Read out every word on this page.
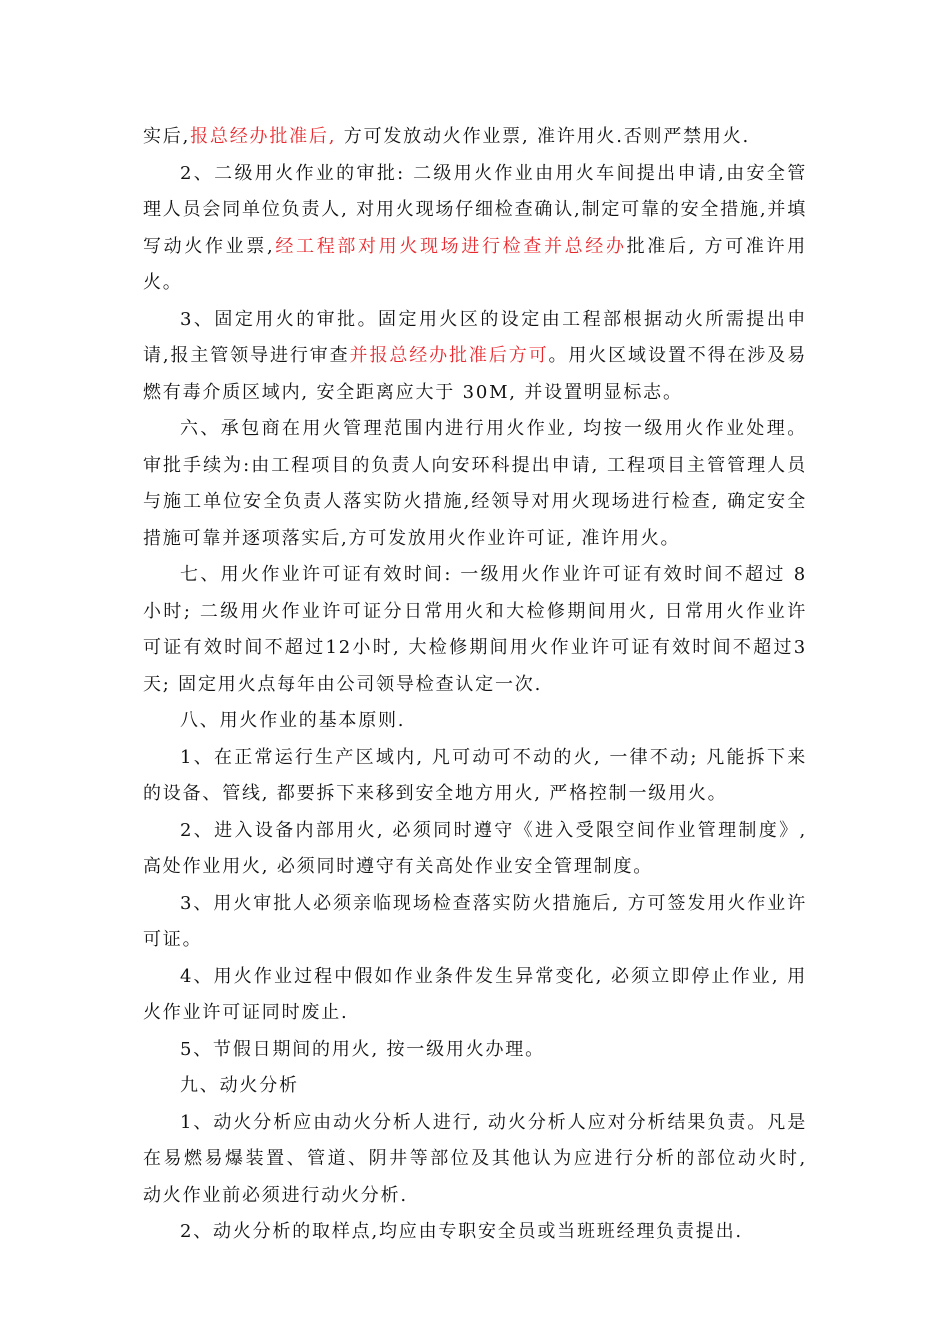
实后,报总经办批准后, 方可发放动火作业票, 准许用火.否则严禁用火.

2、二级用火作业的审批: 二级用火作业由用火车间提出申请,由安全管理人员会同单位负责人, 对用火现场仔细检查确认,制定可靠的安全措施,并填写动火作业票,经工程部对用火现场进行检查并总经办批准后, 方可准许用火。

3、固定用火的审批。固定用火区的设定由工程部根据动火所需提出申请,报主管领导进行审查并报总经办批准后方可。用火区域设置不得在涉及易燃有毒介质区域内, 安全距离应大于 30M, 并设置明显标志。

六、承包商在用火管理范围内进行用火作业, 均按一级用火作业处理。审批手续为:由工程项目的负责人向安环科提出申请, 工程项目主管管理人员与施工单位安全负责人落实防火措施,经领导对用火现场进行检查, 确定安全措施可靠并逐项落实后,方可发放用火作业许可证, 准许用火。

七、用火作业许可证有效时间: 一级用火作业许可证有效时间不超过 8 小时; 二级用火作业许可证分日常用火和大检修期间用火, 日常用火作业许可证有效时间不超过12小时, 大检修期间用火作业许可证有效时间不超过3天; 固定用火点每年由公司领导检查认定一次.

八、用火作业的基本原则.

1、在正常运行生产区域内, 凡可动可不动的火, 一律不动; 凡能拆下来的设备、管线, 都要拆下来移到安全地方用火, 严格控制一级用火。

2、进入设备内部用火, 必须同时遵守《进入受限空间作业管理制度》, 高处作业用火, 必须同时遵守有关高处作业安全管理制度。

3、用火审批人必须亲临现场检查落实防火措施后, 方可签发用火作业许可证。

4、用火作业过程中假如作业条件发生异常变化, 必须立即停止作业, 用火作业许可证同时废止.

5、节假日期间的用火, 按一级用火办理。

九、动火分析

1、动火分析应由动火分析人进行, 动火分析人应对分析结果负责。凡是在易燃易爆装置、管道、阴井等部位及其他认为应进行分析的部位动火时, 动火作业前必须进行动火分析.

2、动火分析的取样点,均应由专职安全员或当班班经理负责提出.
